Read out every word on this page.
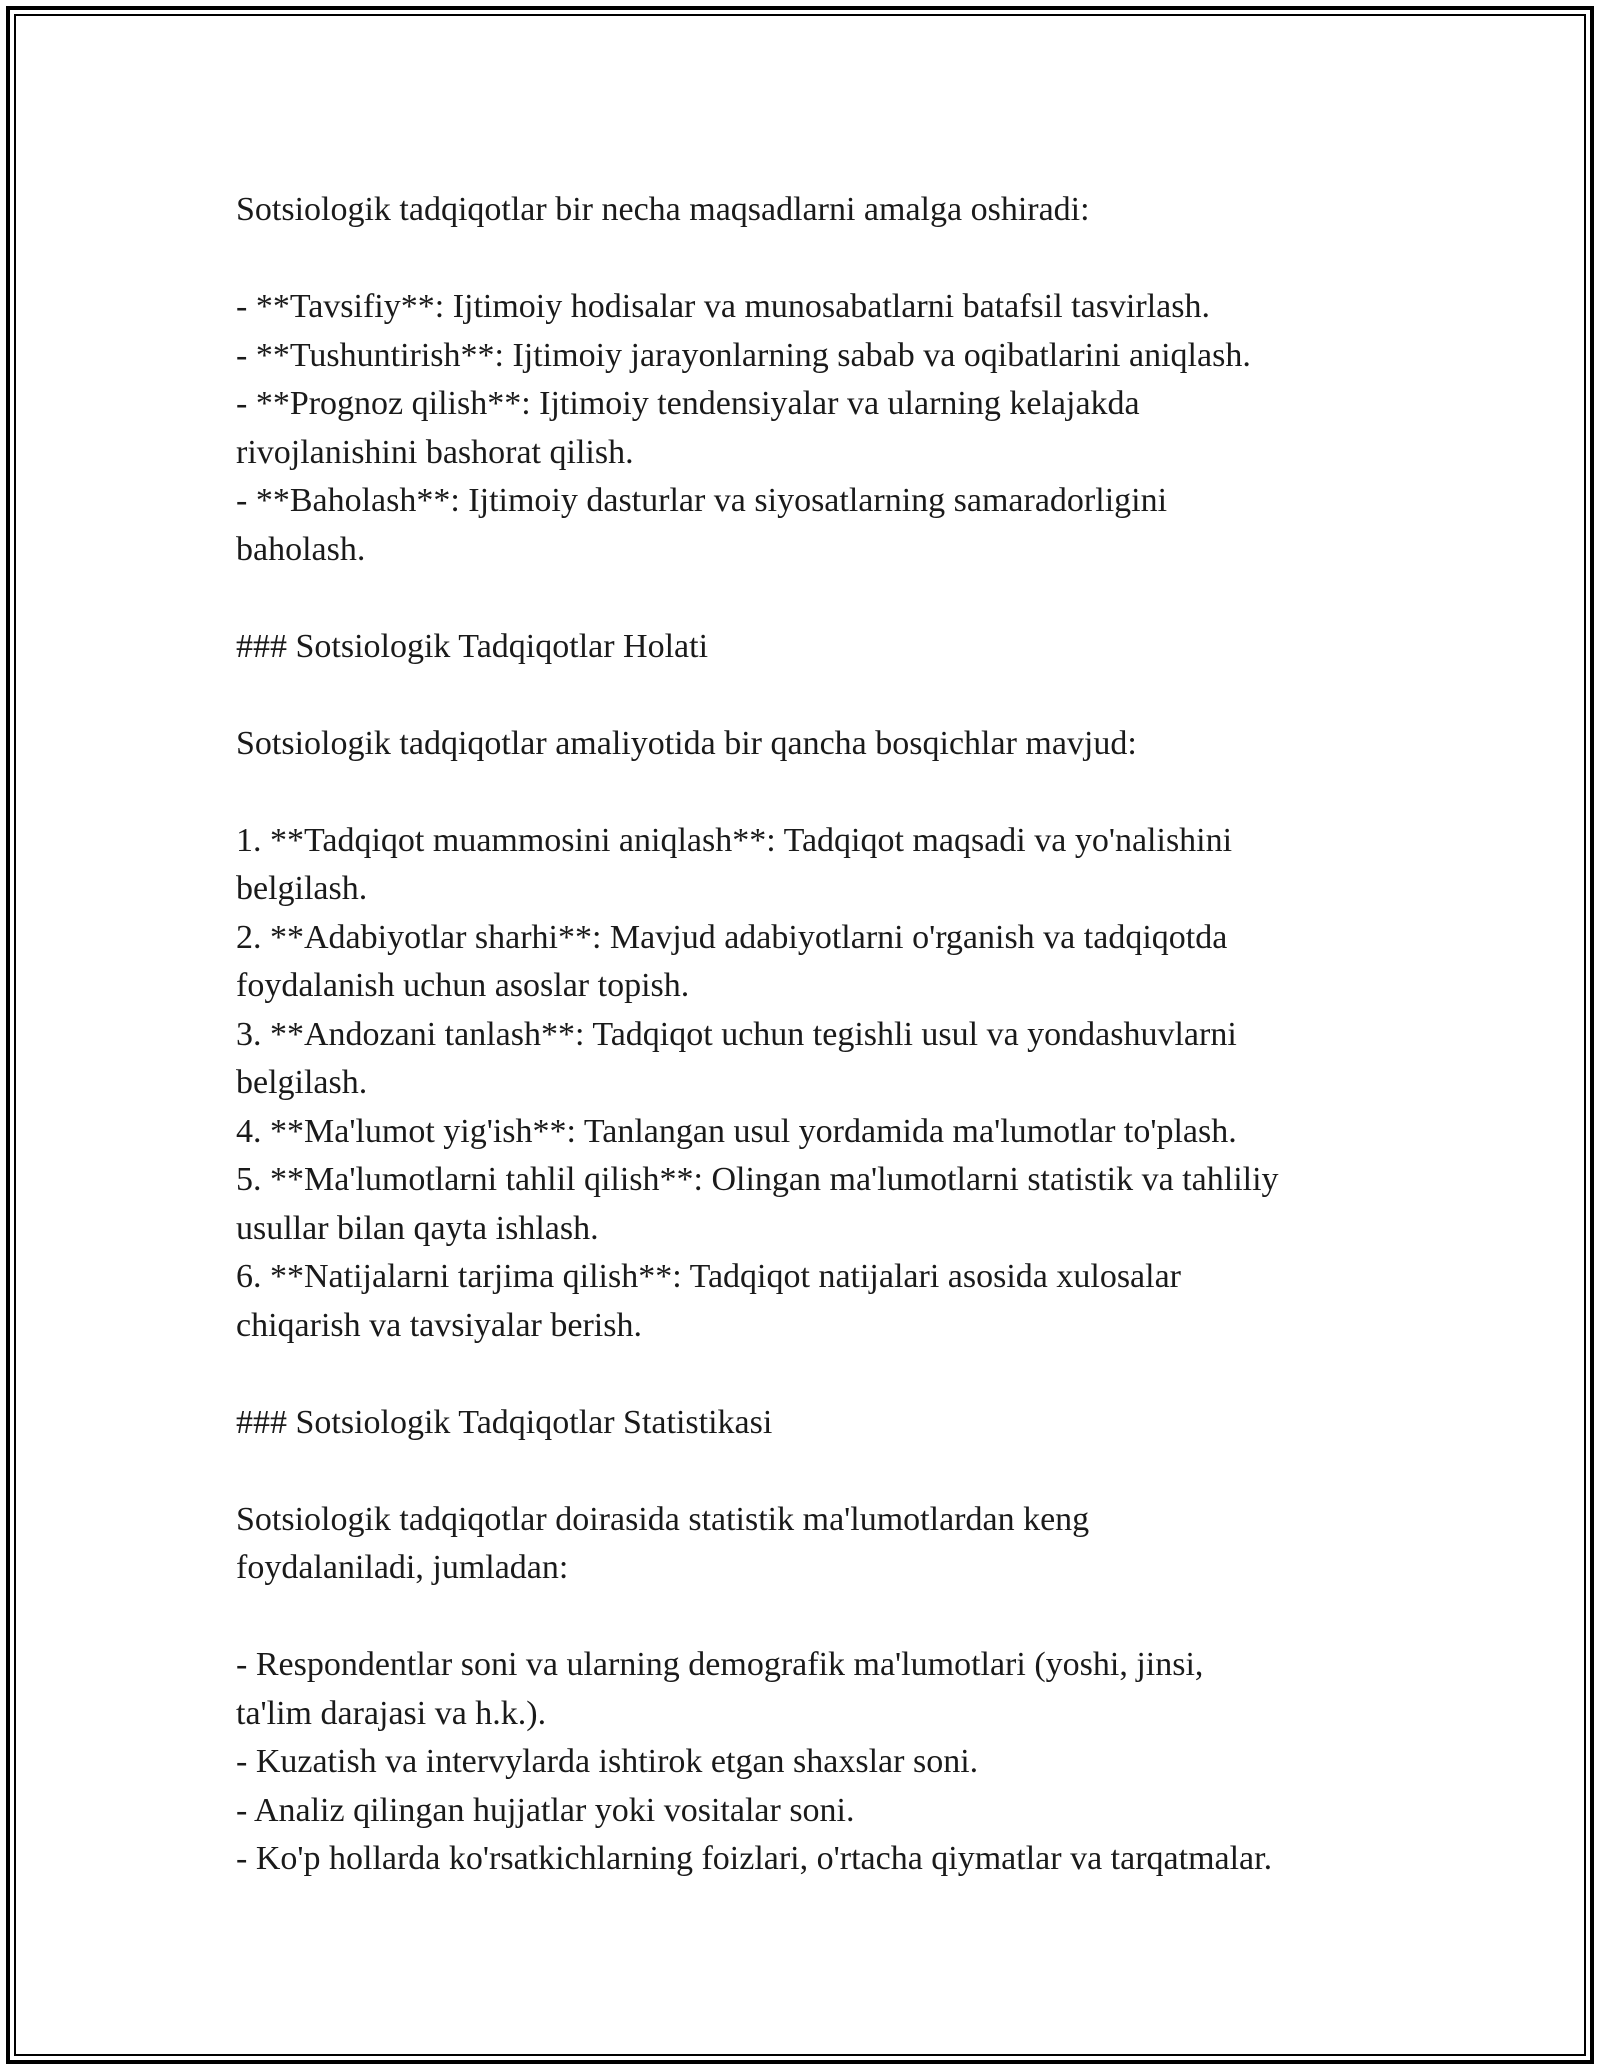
Sotsiologik tadqiqotlar bir necha maqsadlarni amalga oshiradi:

- **Tavsifiy**: Ijtimoiy hodisalar va munosabatlarni batafsil tasvirlash.

- **Tushuntirish**: Ijtimoiy jarayonlarning sabab va oqibatlarini aniqlash.

- **Prognoz qilish**: Ijtimoiy tendensiyalar va ularning kelajakda

rivojlanishini bashorat qilish.

- **Baholash**: Ijtimoiy dasturlar va siyosatlarning samaradorligini

baholash.

### Sotsiologik Tadqiqotlar Holati

Sotsiologik tadqiqotlar amaliyotida bir qancha bosqichlar mavjud:

1. **Tadqiqot muammosini aniqlash**: Tadqiqot maqsadi va yo'nalishini

belgilash.

2. **Adabiyotlar sharhi**: Mavjud adabiyotlarni o'rganish va tadqiqotda

foydalanish uchun asoslar topish.

3. **Andozani tanlash**: Tadqiqot uchun tegishli usul va yondashuvlarni

belgilash.

4. **Ma'lumot yig'ish**: Tanlangan usul yordamida ma'lumotlar to'plash.

5. **Ma'lumotlarni tahlil qilish**: Olingan ma'lumotlarni statistik va tahliliy

usullar bilan qayta ishlash.

6. **Natijalarni tarjima qilish**: Tadqiqot natijalari asosida xulosalar

chiqarish va tavsiyalar berish.

### Sotsiologik Tadqiqotlar Statistikasi

Sotsiologik tadqiqotlar doirasida statistik ma'lumotlardan keng

foydalaniladi, jumladan:

- Respondentlar soni va ularning demografik ma'lumotlari (yoshi, jinsi,

ta'lim darajasi va h.k.).

- Kuzatish va intervylarda ishtirok etgan shaxslar soni.

- Analiz qilingan hujjatlar yoki vositalar soni.

- Ko'p hollarda ko'rsatkichlarning foizlari, o'rtacha qiymatlar va tarqatmalar.
